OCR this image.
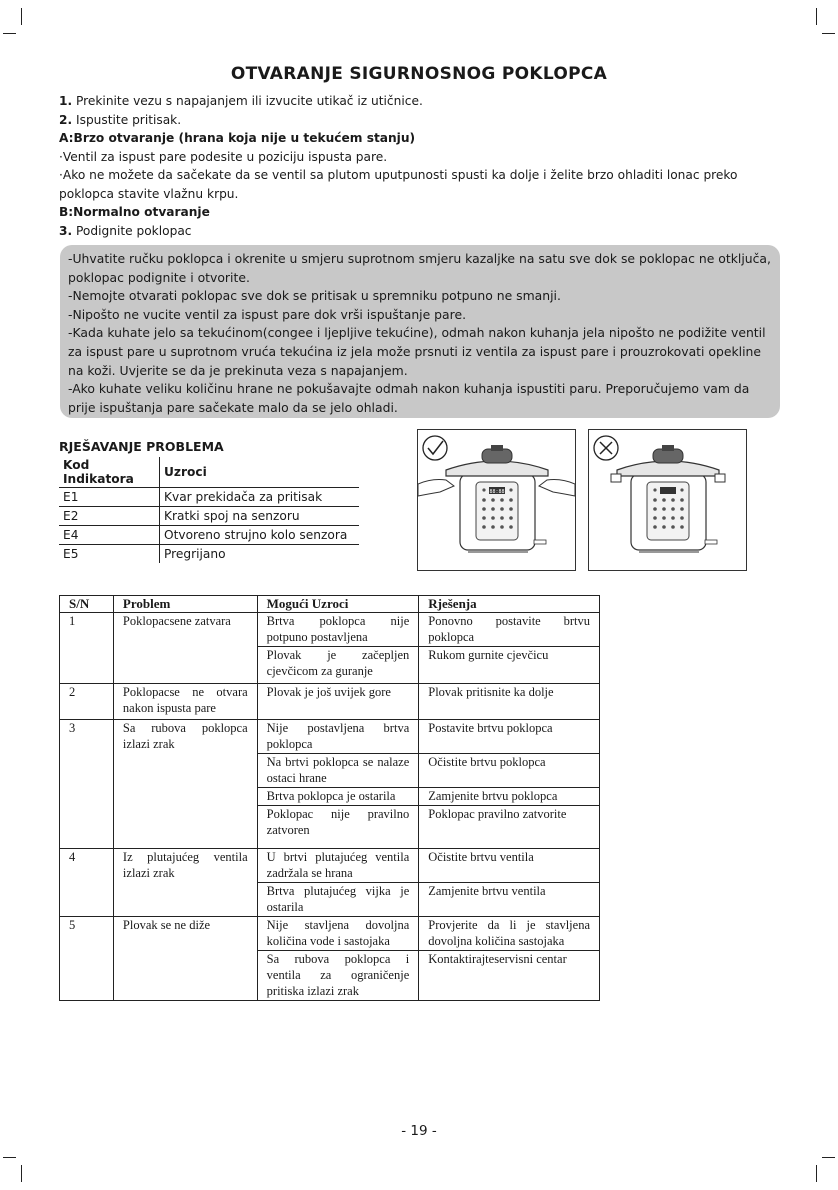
OTVARANJE SIGURNOSNOG POKLOPCA

1. Prekinite vezu s napajanjem ili izvucite utikač iz utičnice.

2. Ispustite pritisak.

A:Brzo otvaranje (hrana koja nije u tekućem stanju)

·Ventil za ispust pare podesite u poziciju ispusta pare.

·Ako ne možete da sačekate da se ventil sa plutom uputpunosti spusti ka dolje i želite brzo ohladiti lonac preko poklopca stavite vlažnu krpu.

B:Normalno otvaranje

3. Podignite poklopac

-Uhvatite ručku poklopca i okrenite u smjeru suprotnom smjeru kazaljke na satu sve dok se poklopac ne otključa, poklopac podignite i otvorite.

-Nemojte otvarati poklopac sve dok se pritisak u spremniku potpuno ne smanji.

-Nipošto ne vucite ventil za ispust pare dok vrši ispuštanje pare.

-Kada kuhate jelo sa tekućinom(congee i ljepljive tekućine), odmah nakon kuhanja jela nipošto ne podižite ventil za ispust pare u suprotnom vruća tekućina iz jela može prsnuti iz ventila za ispust pare i prouzrokovati opekline na koži. Uvjerite se da je prekinuta veza s napajanjem.

-Ako kuhate veliku količinu hrane ne pokušavajte odmah nakon kuhanja ispustiti paru. Preporučujemo vam da prije ispuštanja pare sačekate malo da se jelo ohladi.

RJEŠAVANJE PROBLEMA
Kod Indikatora	Uzroci
E1	Kvar prekidača za pritisak
E2	Kratki spoj na senzoru
E4	Otvoreno strujno kolo senzora
E5	Pregrijano
88:88
S/N	Problem	Mogući Uzroci	Rješenja
1	Poklopacsene zatvara	Brtva poklopca nije potpuno postavljena	Ponovno postavite brtvu poklopca
		Plovak je začepljen cjevčicom za guranje	Rukom gurnite cjevčicu
2	Poklopacse ne otvara nakon ispusta pare	Plovak je još uvijek gore	Plovak pritisnite ka dolje
3	Sa rubova poklopca izlazi zrak	Nije postavljena brtva poklopca	Postavite brtvu poklopca
		Na brtvi poklopca se nalaze ostaci hrane	Očistite brtvu poklopca
		Brtva poklopca je ostarila	Zamjenite brtvu poklopca
		Poklopac nije pravilno zatvoren	Poklopac pravilno zatvorite
4	Iz plutajućeg ventila izlazi zrak	U brtvi plutajućeg ventila zadržala se hrana	Očistite brtvu ventila
		Brtva plutajućeg vijka je ostarila	Zamjenite brtvu ventila
5	Plovak se ne diže	Nije stavljena dovoljna količina vode i sastojaka	Provjerite da li je stavljena dovoljna količina sastojaka
		Sa rubova poklopca i ventila za ograničenje pritiska izlazi zrak	Kontaktirajteservisni centar
- 19 -
